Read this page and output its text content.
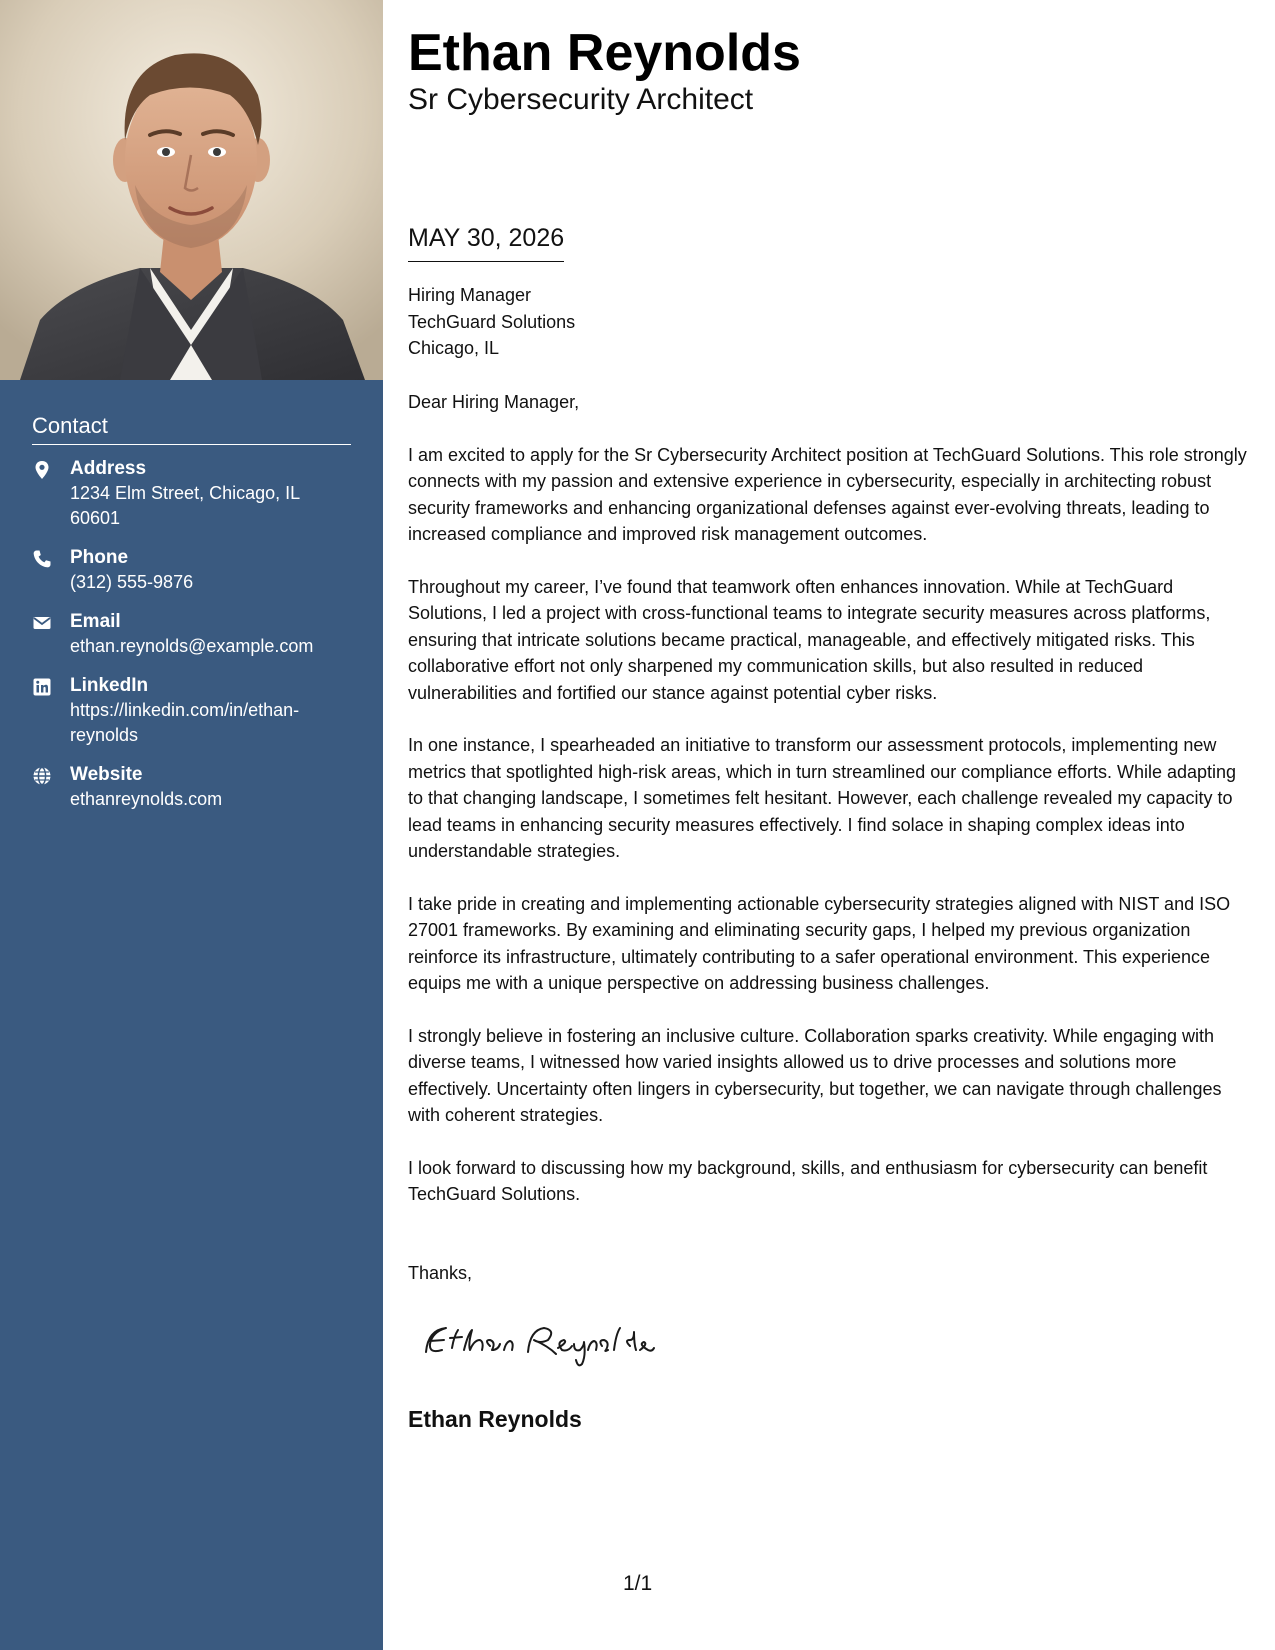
Contact
Address
1234 Elm Street, Chicago, IL
60601
Phone
(312) 555-9876
Email
ethan.reynolds@example.com
LinkedIn
https://linkedin.com/in/ethan-
reynolds
Website
ethanreynolds.com
Ethan Reynolds
Sr Cybersecurity Architect
MAY 30, 2026
Hiring Manager
TechGuard Solutions
Chicago, IL

Dear Hiring Manager,

I am excited to apply for the Sr Cybersecurity Architect position at TechGuard Solutions. This role strongly connects with my passion and extensive experience in cybersecurity, especially in architecting robust security frameworks and enhancing organizational defenses against ever-evolving threats, leading to increased compliance and improved risk management outcomes.

Throughout my career, I’ve found that teamwork often enhances innovation. While at TechGuard Solutions, I led a project with cross-functional teams to integrate security measures across platforms, ensuring that intricate solutions became practical, manageable, and effectively mitigated risks. This collaborative effort not only sharpened my communication skills, but also resulted in reduced vulnerabilities and fortified our stance against potential cyber risks.

In one instance, I spearheaded an initiative to transform our assessment protocols, implementing new metrics that spotlighted high-risk areas, which in turn streamlined our compliance efforts. While adapting to that changing landscape, I sometimes felt hesitant. However, each challenge revealed my capacity to lead teams in enhancing security measures effectively. I find solace in shaping complex ideas into understandable strategies.

I take pride in creating and implementing actionable cybersecurity strategies aligned with NIST and ISO 27001 frameworks. By examining and eliminating security gaps, I helped my previous organization reinforce its infrastructure, ultimately contributing to a safer operational environment. This experience equips me with a unique perspective on addressing business challenges.

I strongly believe in fostering an inclusive culture. Collaboration sparks creativity. While engaging with diverse teams, I witnessed how varied insights allowed us to drive processes and solutions more effectively. Uncertainty often lingers in cybersecurity, but together, we can navigate through challenges with coherent strategies.

I look forward to discussing how my background, skills, and enthusiasm for cybersecurity can benefit TechGuard Solutions.

Thanks,
Ethan Reynolds
1/1
